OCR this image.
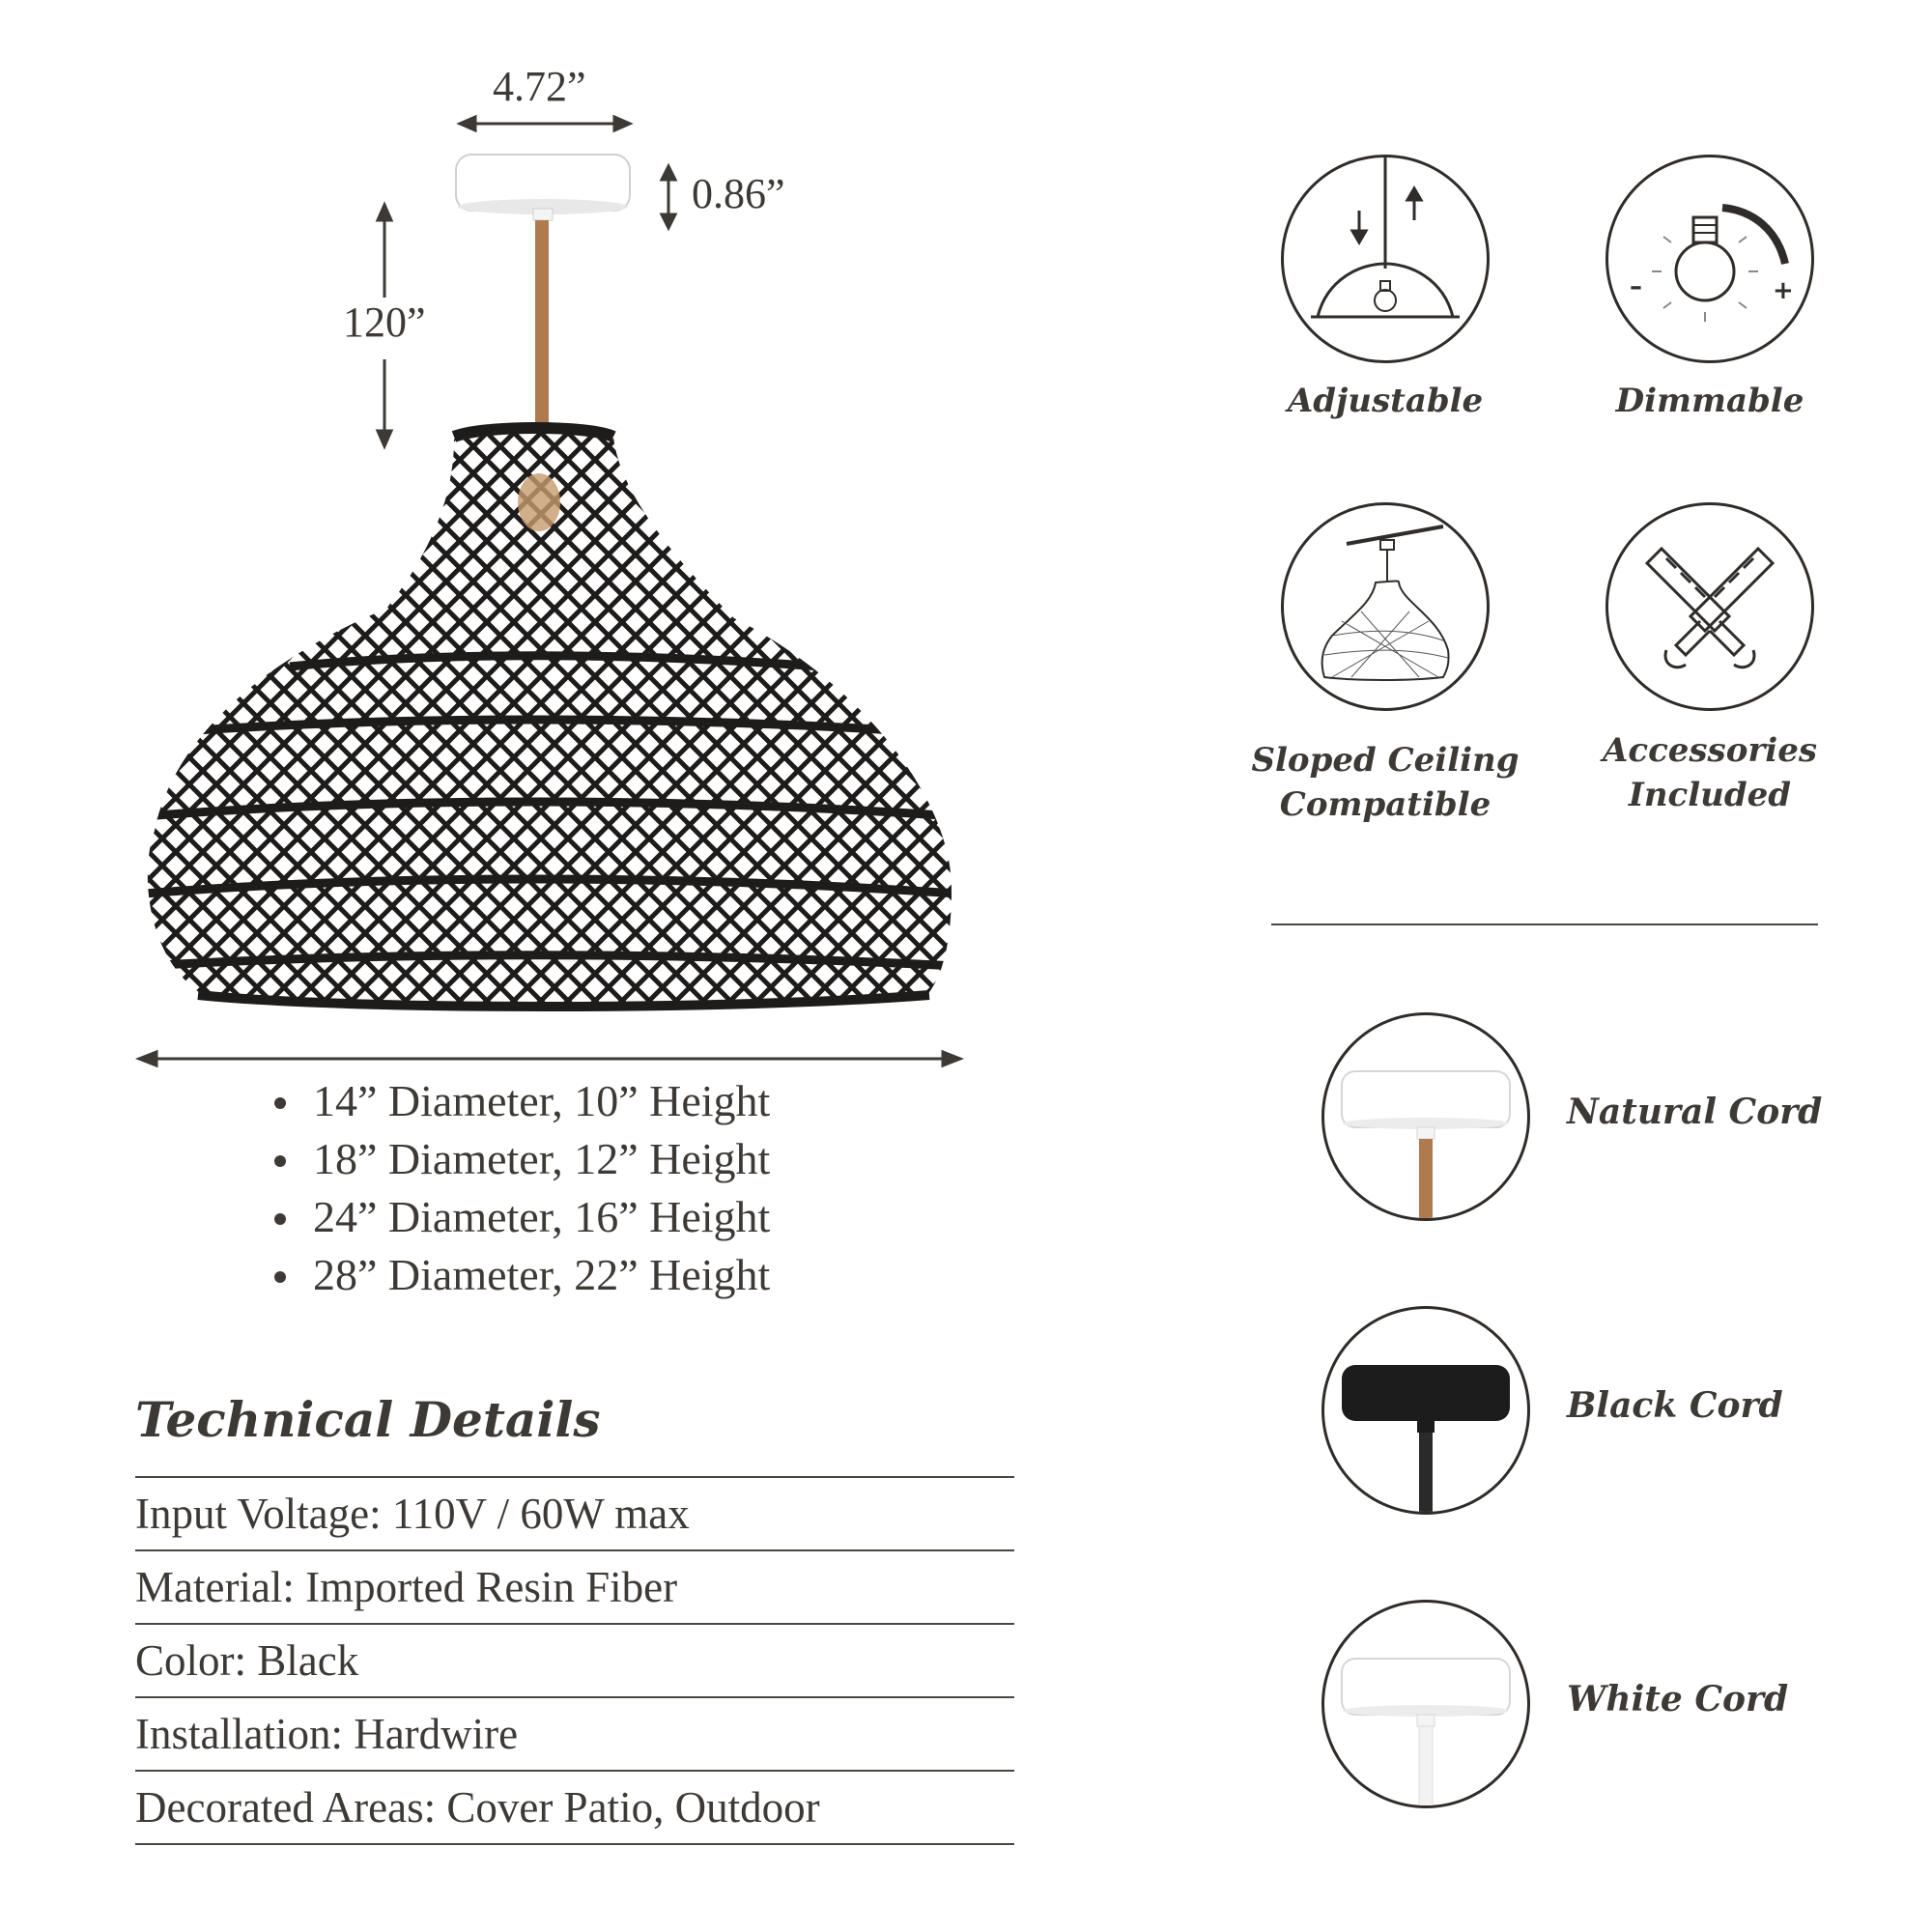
4.72”
0.86”
120”
14” Diameter, 10” Height
18” Diameter, 12” Height
24” Diameter, 16” Height
28” Diameter, 22” Height
Technical Details
Input Voltage: 110V / 60W max
Material: Imported Resin Fiber
Color: Black
Installation: Hardwire
Decorated Areas: Cover Patio, Outdoor
Adjustable
–	+
Dimmable
Sloped Ceiling
Compatible
Accessories
Included
Natural Cord
Black Cord
White Cord
